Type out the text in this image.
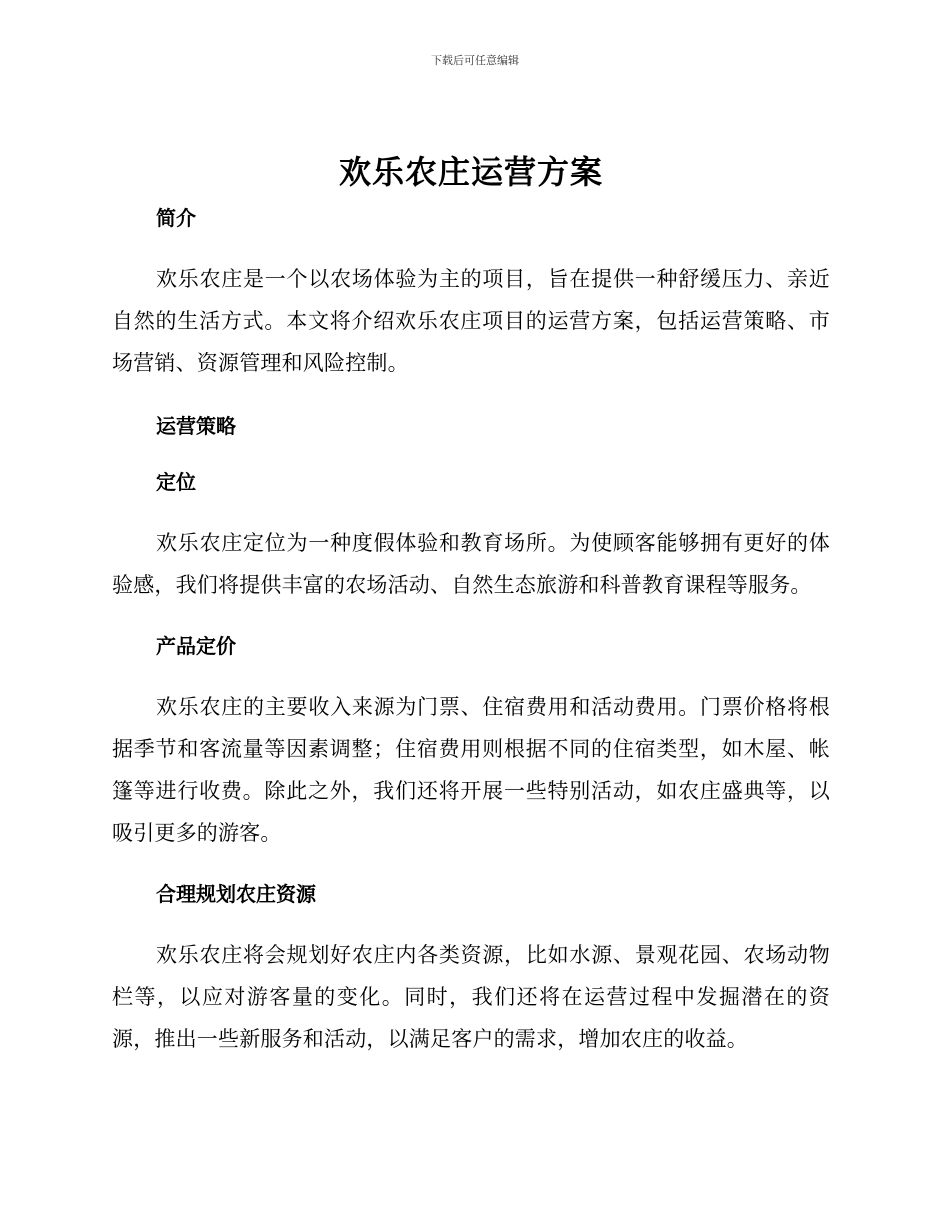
下载后可任意编辑
欢乐农庄运营方案
简介

欢乐农庄是一个以农场体验为主的项目，旨在提供一种舒缓压力、亲近自然的生活方式。本文将介绍欢乐农庄项目的运营方案，包括运营策略、市场营销、资源管理和风险控制。

运营策略
定位

欢乐农庄定位为一种度假体验和教育场所。为使顾客能够拥有更好的体验感，我们将提供丰富的农场活动、自然生态旅游和科普教育课程等服务。

产品定价

欢乐农庄的主要收入来源为门票、住宿费用和活动费用。门票价格将根据季节和客流量等因素调整；住宿费用则根据不同的住宿类型，如木屋、帐篷等进行收费。除此之外，我们还将开展一些特别活动，如农庄盛典等，以吸引更多的游客。

合理规划农庄资源

欢乐农庄将会规划好农庄内各类资源，比如水源、景观花园、农场动物栏等，以应对游客量的变化。同时，我们还将在运营过程中发掘潜在的资源，推出一些新服务和活动，以满足客户的需求，增加农庄的收益。
